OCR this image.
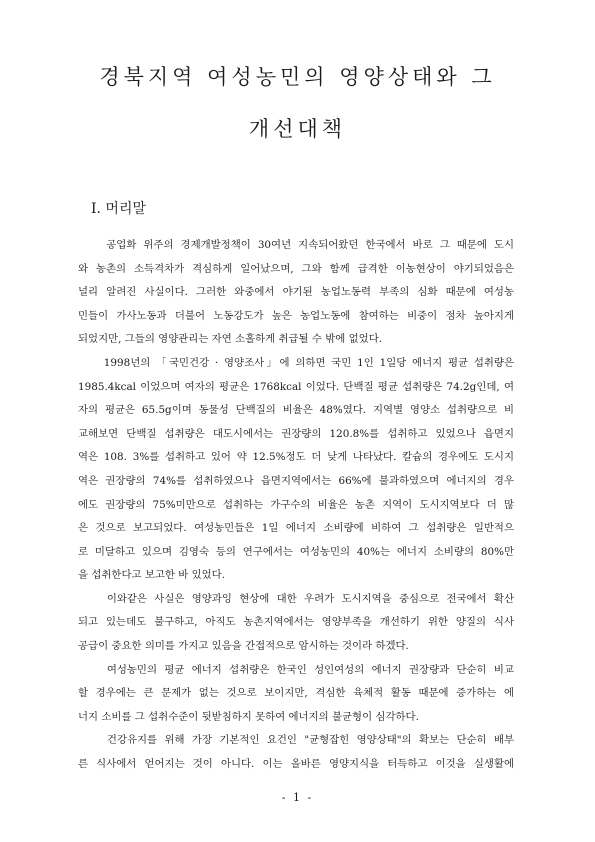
경북지역 여성농민의 영양상태와 그
개선대책
I. 머리말
　　공업화 위주의 경제개발정책이 30여년 지속되어왔던 한국에서 바로 그 때문에 도시
와 농촌의 소득격차가 격심하게 일어났으며, 그와 함께 급격한 이농현상이 야기되었음은
널리 알려진 사실이다. 그러한 와중에서 야기된 농업노동력 부족의 심화 때문에 여성농
민들이 가사노동과 더불어 노동강도가 높은 농업노동에 참여하는 비중이 점차 높아지게
되었지만, 그들의 영양관리는 자연 소홀하게 취급될 수 밖에 없었다.
　　1998년의 「국민건강 · 영양조사」에 의하면 국민 1인 1일당 에너지 평균 섭취량은
1985.4kcal 이었으며 여자의 평균은 1768kcal 이었다. 단백질 평균 섭취량은 74.2g인데, 여
자의 평균은 65.5g이며 동물성 단백질의 비율은 48%였다. 지역별 영양소 섭취량으로 비
교해보면 단백질 섭취량은 대도시에서는 권장량의 120.8%를 섭취하고 있었으나 읍면지
역은 108. 3%를 섭취하고 있어 약 12.5%정도 더 낮게 나타났다. 칼슘의 경우에도 도시지
역은 권장량의 74%를 섭취하였으나 읍면지역에서는 66%에 불과하였으며 에너지의 경우
에도 권장량의 75%미만으로 섭취하는 가구수의 비율은 농촌 지역이 도시지역보다 더 많
은 것으로 보고되었다. 여성농민들은 1일 에너지 소비량에 비하여 그 섭취량은 일반적으
로 미달하고 있으며 김영숙 등의 연구에서는 여성농민의 40%는 에너지 소비량의 80%만
을 섭취한다고 보고한 바 있었다.
　　이와같은 사실은 영양과잉 현상에 대한 우려가 도시지역을 중심으로 전국에서 확산
되고 있는데도 불구하고, 아직도 농촌지역에서는 영양부족을 개선하기 위한 양질의 식사
공급이 중요한 의미를 가지고 있음을 간접적으로 암시하는 것이라 하겠다.
　　여성농민의 평균 에너지 섭취량은 한국인 성인여성의 에너지 권장량과 단순히 비교
할 경우에는 큰 문제가 없는 것으로 보이지만, 격심한 육체적 활동 때문에 증가하는 에
너지 소비를 그 섭취수준이 뒷받침하지 못하여 에너지의 불균형이 심각하다.
　　건강유지를 위해 가장 기본적인 요건인 "균형잡힌 영양상태"의 확보는 단순히 배부
른 식사에서 얻어지는 것이 아니다. 이는 올바른 영양지식을 터득하고 이것을 실생활에
- 1 -
